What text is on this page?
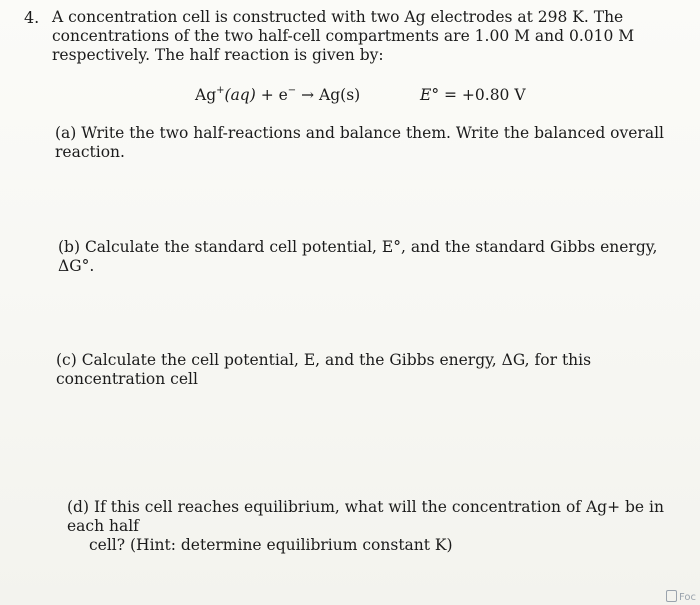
4. A concentration cell is constructed with two Ag electrodes at 298 K. The concentrations of the two half-cell compartments are 1.00 M and 0.010 M respectively. The half reaction is given by:
Ag+(aq) + e− → Ag(s)	E° = +0.80 V
(a) Write the two half-reactions and balance them. Write the balanced overall reaction.
(b) Calculate the standard cell potential, E°, and the standard Gibbs energy, ΔG°.
(c) Calculate the cell potential, E, and the Gibbs energy, ΔG, for this concentration cell
(d) If this cell reaches equilibrium, what will the concentration of Ag+ be in each half
cell? (Hint: determine equilibrium constant K)
Foc
